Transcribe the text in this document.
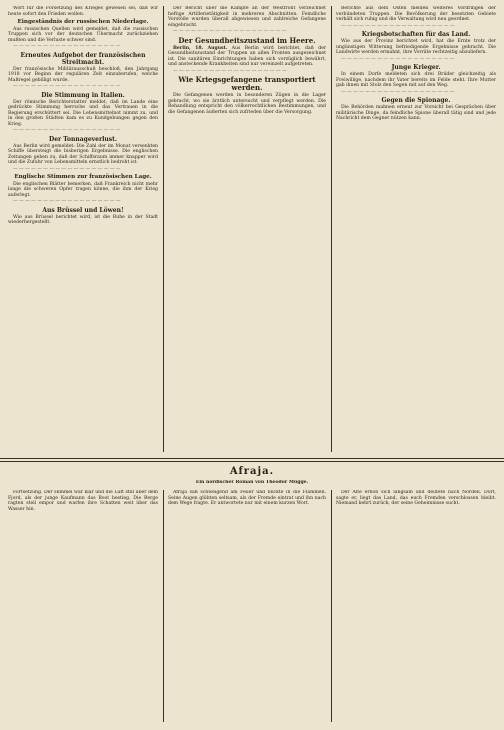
Wort für die Forsetzung des Krieges gewesen sei, daß wir heute sofort den Frieden wollen.

Eingeständnis der russischen Niederlage.

Aus russischen Quellen wird gemeldet, daß die russischen Truppen sich vor der deutschen Übermacht zurückziehen mußten und die Verluste schwer sind.

— — — — — — — — — — — — — — — — — —

Erneutes Aufgebot der französischen Streitmacht.

Der französische Militärausschuß beschloß, den Jahrgang 1918 vor Beginn der regulären Zeit einzuberufen, welche Maßregel gebilligt wurde.

— — — — — — — — — — — — — — — — — —

Die Stimmung in Italien.

Der römische Berichterstatter meldet, daß im Lande eine gedrückte Stimmung herrsche und das Vertrauen in die Regierung erschüttert sei. Die Lebensmittelnot nimmt zu, und in den großen Städten kam es zu Kundgebungen gegen den Krieg.

— — — — — — — — — — — — — — — — — —

Der Tonnageverlust.

Aus Berlin wird gemeldet: Die Zahl der im Monat versenkten Schiffe übersteigt die bisherigen Ergebnisse. Die englischen Zeitungen geben zu, daß der Schiffsraum immer knapper wird und die Zufuhr von Lebensmitteln ernstlich bedroht ist.

— — — — — — — — — — — — — — — — — —

Englische Stimmen zur französischen Lage.

Die englischen Blätter bemerken, daß Frankreich nicht mehr lange die schweren Opfer tragen könne, die ihm der Krieg auferlegt.

— — — — — — — — — — — — — — — — — —

Aus Brüssel und Löwen!

Wie aus Brüssel berichtet wird, ist die Ruhe in der Stadt wiederhergestellt.

Der Bericht über die Kämpfe an der Westfront verzeichnet heftige Artillerietätigkeit in mehreren Abschnitten. Feindliche Vorstöße wurden überall abgewiesen und zahlreiche Gefangene eingebracht.

— — — — — — — — — — — — — — — — — — —

Der Gesundheitszustand im Heere.

Berlin, 18. August. Aus Berlin wird berichtet, daß der Gesundheitszustand der Truppen an allen Fronten ausgezeichnet ist. Die sanitären Einrichtungen haben sich vorzüglich bewährt, und ansteckende Krankheiten sind nur vereinzelt aufgetreten.

— — — — — — — — — — — — — — — — — — —

Wie Kriegsgefangene transportiert werden.

Die Gefangenen werden in besonderen Zügen in die Lager gebracht, wo sie ärztlich untersucht und verpflegt werden. Die Behandlung entspricht den völkerrechtlichen Bestimmungen, und die Gefangenen äußerten sich zufrieden über die Versorgung.

Berichte aus dem Osten melden weiteres Vordringen der verbündeten Truppen. Die Bevölkerung der besetzten Gebiete verhält sich ruhig und die Verwaltung wird neu geordnet.

— — — — — — — — — — — — — — — — — — —

Kriegsbotschaften für das Land.

Wie aus der Provinz berichtet wird, hat die Ernte trotz der ungünstigen Witterung befriedigende Ergebnisse gebracht. Die Landwirte werden ermahnt, ihre Vorräte rechtzeitig abzuliefern.

— — — — — — — — — — — — — — — — — — —

Junge Krieger.

In einem Dorfe meldeten sich drei Brüder gleichzeitig als Freiwillige, nachdem ihr Vater bereits im Felde steht. Ihre Mutter gab ihnen mit Stolz den Segen mit auf den Weg.

— — — — — — — — — — — — — — — — — — —

Gegen die Spionage.

Die Behörden mahnen erneut zur Vorsicht bei Gesprächen über militärische Dinge, da feindliche Spione überall tätig sind und jede Nachricht dem Gegner nützen kann.

Afraja.
Ein nordischer Roman von Theodor Mügge.

Fortsetzung. Der Himmel war klar und die Luft still über dem Fjord, als der junge Kaufmann das Boot bestieg. Die Berge ragten steil empor und warfen ihre Schatten weit über das Wasser hin.

Afraja saß schweigend am Feuer und blickte in die Flammen. Seine Augen glühten seltsam, als der Fremde eintrat und ihn nach dem Wege fragte. Er antwortete nur mit einem kurzen Wort.

Der Alte erhob sich langsam und deutete nach Norden. Dort, sagte er, liegt das Land, das euch Fremden verschlossen bleibt. Niemand kehrt zurück, der seine Geheimnisse sucht.
